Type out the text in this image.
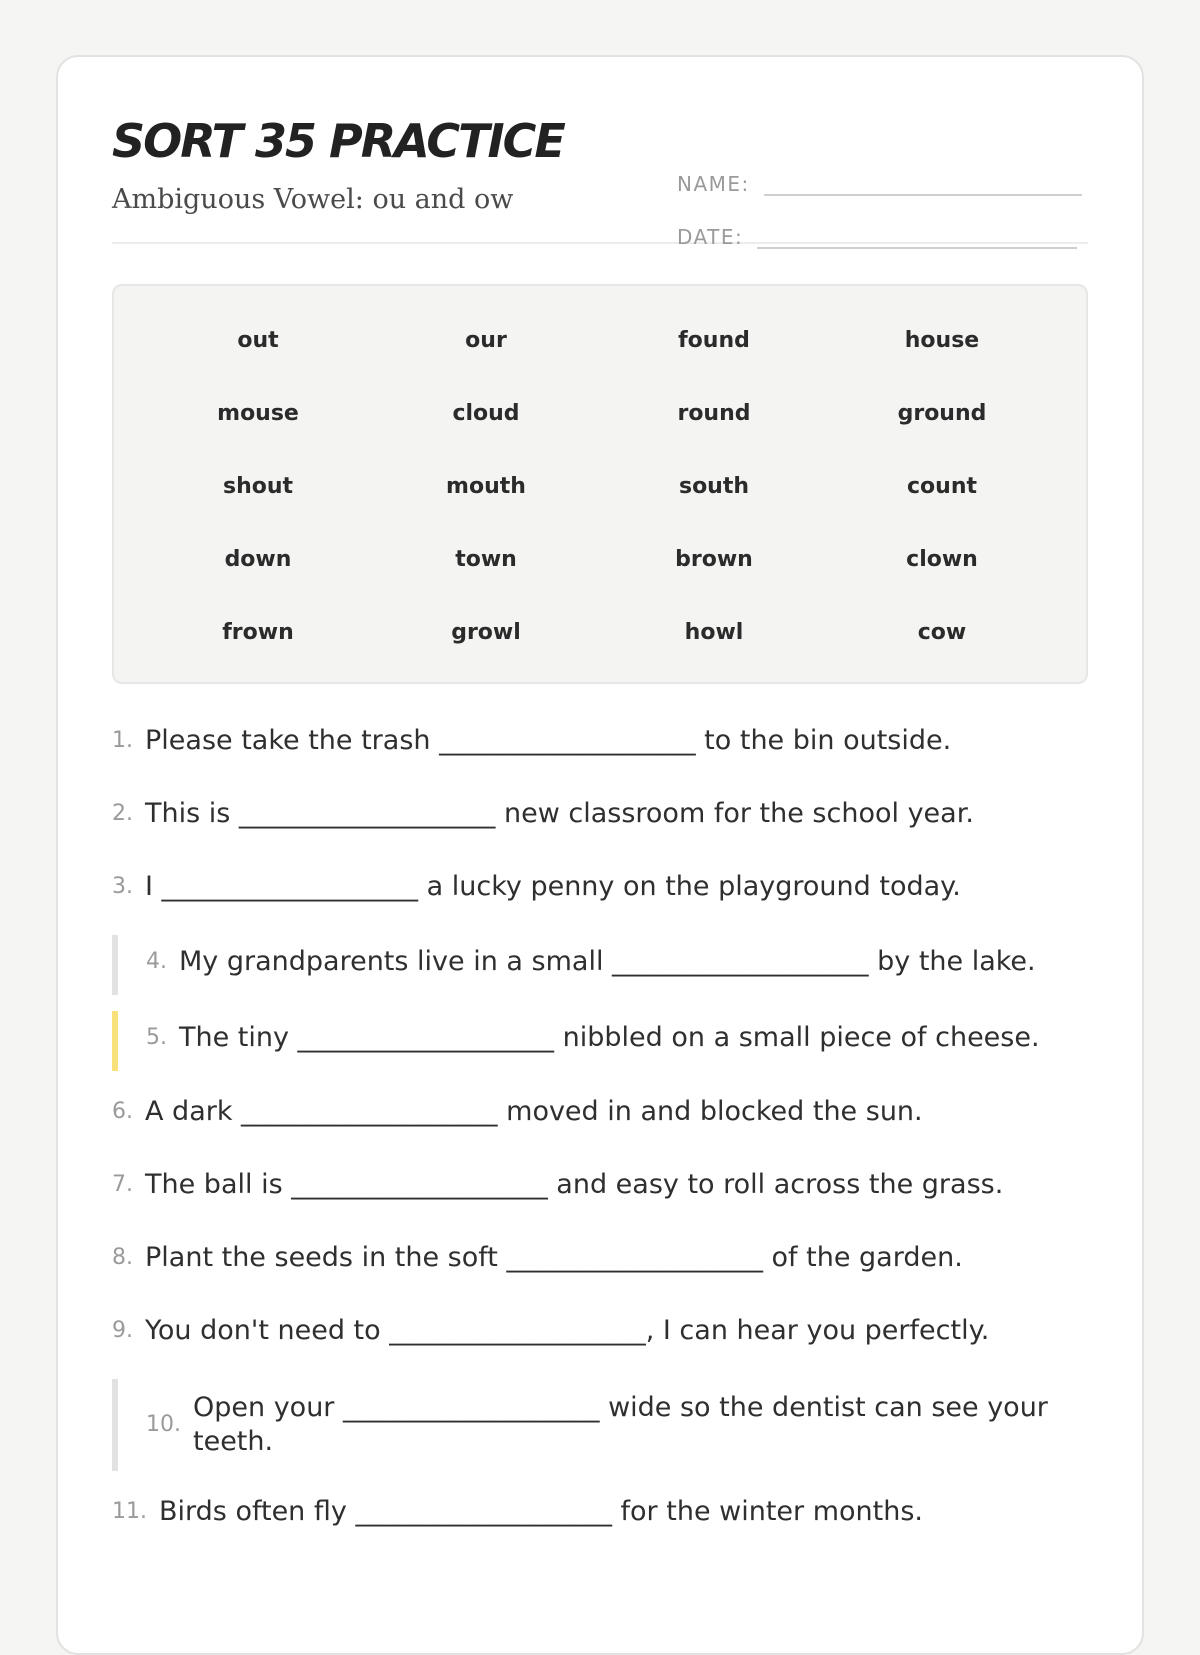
SORT 35 PRACTICE
Ambiguous Vowel: ou and ow	NAME:
DATE:
out	our	found	house
mouse	cloud	round	ground
shout	mouth	south	count
down	town	brown	clown
frown	growl	howl	cow
1. Please take the trash ___________________ to the bin outside.
2. This is ___________________ new classroom for the school year.
3. I ___________________ a lucky penny on the playground today.
4. My grandparents live in a small ___________________ by the lake.
5. The tiny ___________________ nibbled on a small piece of cheese.
6. A dark ___________________ moved in and blocked the sun.
7. The ball is ___________________ and easy to roll across the grass.
8. Plant the seeds in the soft ___________________ of the garden.
9. You don't need to ___________________, I can hear you perfectly.
10.
Open your ___________________ wide so the dentist can see your teeth.
11. Birds often fly ___________________ for the winter months.
